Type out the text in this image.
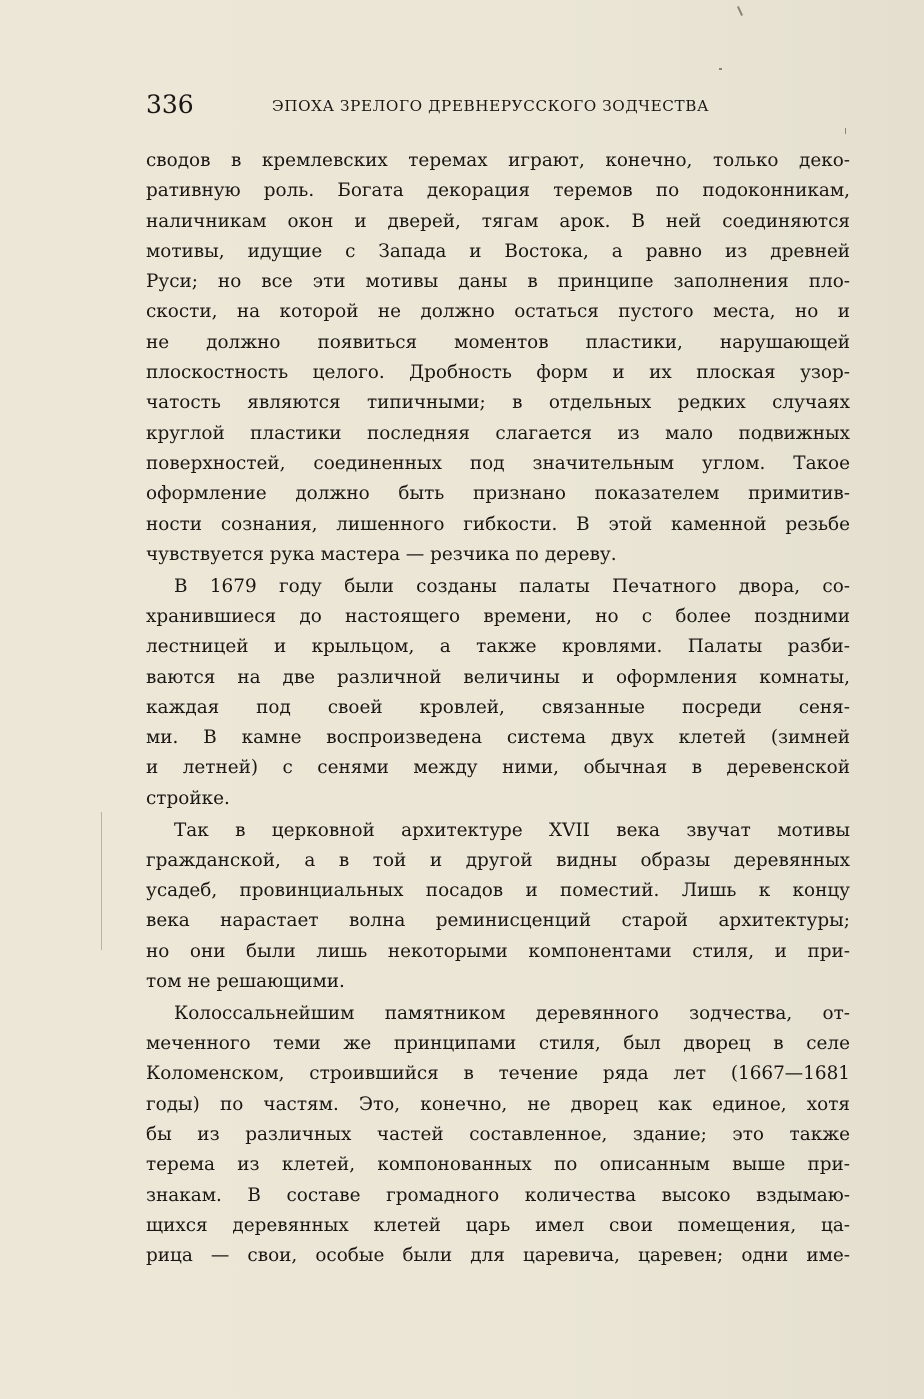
336	ЭПОХА ЗРЕЛОГО ДРЕВНЕРУССКОГО ЗОДЧЕСТВА
сводов в кремлевских теремах играют, конечно, только деко-
ративную роль. Богата декорация теремов по подоконникам,
наличникам окон и дверей, тягам арок. В ней соединяются
мотивы, идущие с Запада и Востока, а равно из древней
Руси; но все эти мотивы даны в принципе заполнения пло-
скости, на которой не должно остаться пустого места, но и
не должно появиться моментов пластики, нарушающей
плоскостность целого. Дробность форм и их плоская узор-
чатость являются типичными; в отдельных редких случаях
круглой пластики последняя слагается из мало подвижных
поверхностей, соединенных под значительным углом. Такое
оформление должно быть признано показателем примитив-
ности сознания, лишенного гибкости. В этой каменной резьбе
чувствуется рука мастера — резчика по дереву.
В 1679 году были созданы палаты Печатного двора, со-
хранившиеся до настоящего времени, но с более поздними
лестницей и крыльцом, а также кровлями. Палаты разби-
ваются на две различной величины и оформления комнаты,
каждая под своей кровлей, связанные посреди сеня-
ми. В камне воспроизведена система двух клетей (зимней
и летней) с сенями между ними, обычная в деревенской
стройке.
Так в церковной архитектуре XVII века звучат мотивы
гражданской, а в той и другой видны образы деревянных
усадеб, провинциальных посадов и поместий. Лишь к концу
века нарастает волна реминисценций старой архитектуры;
но они были лишь некоторыми компонентами стиля, и при-
том не решающими.
Колоссальнейшим памятником деревянного зодчества, от-
меченного теми же принципами стиля, был дворец в селе
Коломенском, строившийся в течение ряда лет (1667—1681
годы) по частям. Это, конечно, не дворец как единое, хотя
бы из различных частей составленное, здание; это также
терема из клетей, компонованных по описанным выше при-
знакам. В составе громадного количества высоко вздымаю-
щихся деревянных клетей царь имел свои помещения, ца-
рица — свои, особые были для царевича, царевен; одни име-
